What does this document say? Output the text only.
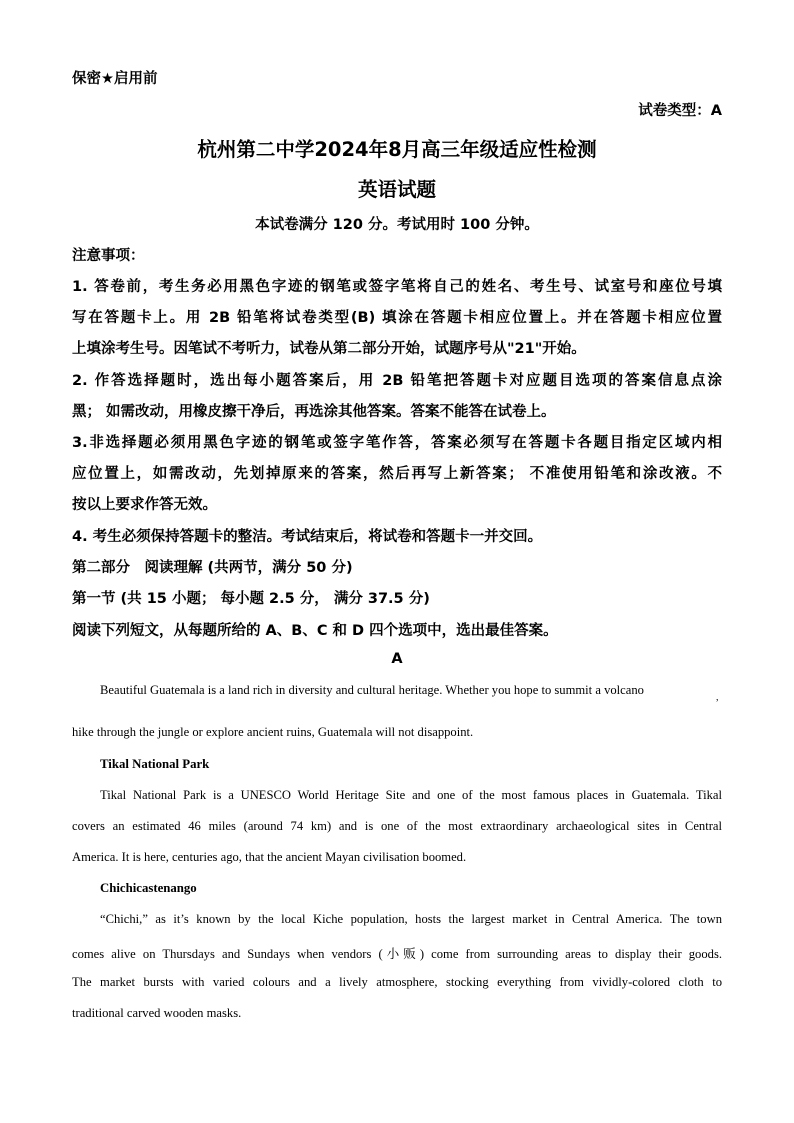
保密★启用前
试卷类型：A
杭州第二中学2024年8月高三年级适应性检测
英语试题
本试卷满分 120 分。考试用时 100 分钟。
注意事项：
1. 答卷前，考生务必用黑色字迹的钢笔或签字笔将自己的姓名、考生号、试室号和座位号填
写在答题卡上。用 2B 铅笔将试卷类型(B) 填涂在答题卡相应位置上。并在答题卡相应位置
上填涂考生号。因笔试不考听力，试卷从第二部分开始，试题序号从"21"开始。
2. 作答选择题时，选出每小题答案后，用 2B 铅笔把答题卡对应题目选项的答案信息点涂
黑； 如需改动，用橡皮擦干净后，再选涂其他答案。答案不能答在试卷上。
3.非选择题必须用黑色字迹的钢笔或签字笔作答，答案必须写在答题卡各题目指定区域内相
应位置上，如需改动，先划掉原来的答案，然后再写上新答案； 不准使用铅笔和涂改液。不
按以上要求作答无效。
4. 考生必须保持答题卡的整洁。考试结束后，将试卷和答题卡一并交回。
第二部分　阅读理解 (共两节，满分 50 分)
第一节 (共 15 小题； 每小题 2.5 分， 满分 37.5 分)
阅读下列短文，从每题所给的 A、B、C 和 D 四个选项中，选出最佳答案。
A
Beautiful Guatemala is a land rich in diversity and cultural heritage. Whether you hope to summit a volcano
,
hike through the jungle or explore ancient ruins, Guatemala will not disappoint.
Tikal National Park
Tikal National Park is a UNESCO World Heritage Site and one of the most famous places in Guatemala. Tikal
covers an estimated 46 miles (around 74 km) and is one of the most extraordinary archaeological sites in Central
America. It is here, centuries ago, that the ancient Mayan civilisation boomed.
Chichicastenango
“Chichi,” as it’s known by the local Kiche population, hosts the largest market in Central America. The town
comes alive on Thursdays and Sundays when vendors (小贩) come from surrounding areas to display their goods.
The market bursts with varied colours and a lively atmosphere, stocking everything from vividly-colored cloth to
traditional carved wooden masks.
